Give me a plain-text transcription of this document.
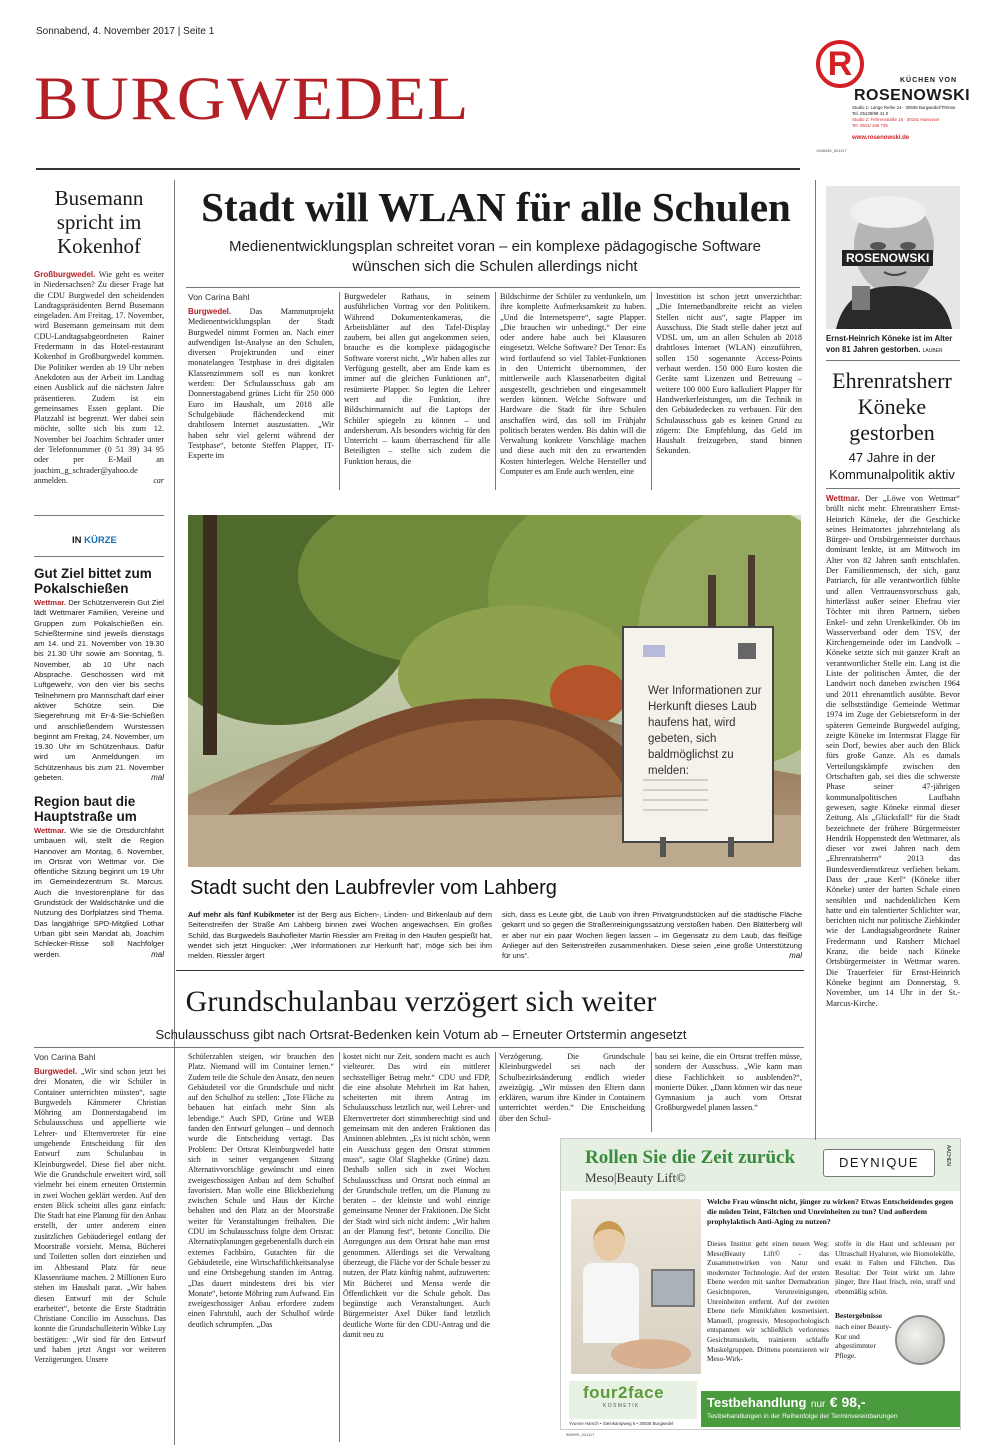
Sonnabend, 4. November 2017 | Seite 1
BURGWEDEL
R	KÜCHEN VON
ROSENOWSKI
Studio 1: Lange Reihe 24 · 30938 Burgwedel/Thönse
Tel. 05139/98 41 0
Studio 2: Fehrenstraße 16 · 30161 Hannover
Tel. 0511/ 165 735
www.rosenowski.de
1948435_001117
Busemann spricht im Kokenhof
Großburgwedel. Wie geht es weiter in Niedersachsen? Zu dieser Frage hat die CDU Burgwedel den scheidenden Landtagspräsidenten Bernd Busemann eingeladen. Am Freitag, 17. November, wird Busemann gemeinsam mit dem CDU-Landtagsabgeordneten Rainer Fredermann in das Hotel-restaurant Kokenhof in Großburgwedel kommen. Die Politiker werden ab 19 Uhr neben Anekdoten aus der Arbeit im Landtag einen Ausblick auf die nächsten Jahre präsentieren. Zudem ist ein gemeinsames Essen geplant. Die Platzzahl ist begrenzt. Wer dabei sein möchte, sollte sich bis zum 12. November bei Joachim Schrader unter der Telefonnummer (0 51 39) 34 95 oder per E-Mail an joachim_g_schrader@yahoo.de anmelden.	car
IN KÜRZE
Gut Ziel bittet zum Pokalschießen
Wettmar. Der Schützenverein Gut Ziel lädt Wettmarer Familien, Vereine und Gruppen zum Pokalschießen ein. Schießtermine sind jeweils dienstags am 14. und 21. November von 19.30 bis 21.30 Uhr sowie am Sonntag, 5. November, ab 10 Uhr nach Absprache. Geschossen wird mit Luftgewehr, von den vier bis sechs Teilnehmern pro Mannschaft darf einer aktiver Schütze sein. Die Siegerehrung mit Er-&-Sie-Schießen und anschließendem Wurstessen beginnt am Freitag, 24. November, um 19.30 Uhr im Schützenhaus. Dafür wird um Anmeldungen im Schützenhaus bis zum 21. November gebeten.	mal
Region baut die Hauptstraße um
Wettmar. Wie sie die Ortsdurchfahrt umbauen will, stellt die Region Hannover am Montag, 6. November, im Ortsrat von Wettmar vor. Die öffentliche Sitzung beginnt um 19 Uhr im Gemeindezentrum St. Marcus. Auch die Investorenpläne für das Grundstück der Waldschänke und die Nutzung des Dorfplatzes sind Thema. Das langjährige SPD-Mitglied Lothar Urban gibt sein Mandat ab, Joachim Schlecker-Risse soll Nachfolger werden.	mal
Stadt will WLAN für alle Schulen
Medienentwicklungsplan schreitet voran – ein komplexe pädagogische Software wünschen sich die Schulen allerdings nicht
Von Carina Bahl
Burgwedel. Das Mammutprojekt Medienentwicklungsplan der Stadt Burgwedel nimmt Formen an. Nach einer aufwendigen Ist-Analyse an den Schulen, diversen Projektrunden und einer monatelangen Testphase in drei digitalen Klassenzimmern soll es nun konkret werden: Der Schulausschuss gab am Donnerstagabend grünes Licht für 250 000 Euro im Haushalt, um 2018 alle Schulgebäude flächendeckend mit drahtlosem Internet auszustatten. „Wir haben sehr viel gelernt während der Testphase“, betonte Steffen Plapper, IT-Experte im
Burgwedeler Rathaus, in seinem ausführlichen Vortrag vor den Politikern. Während Dokumentenkameras, die Arbeitsblätter auf den Tafel-Display zaubern, bei allen gut angekommen seien, brauche es die komplexe pädagogische Software vorerst nicht. „Wir haben alles zur Verfügung gestellt, aber am Ende kam es immer auf die gleichen Funktionen an“, resümierte Plapper. So legten die Lehrer wert auf die Funktion, ihre Bildschirmansicht auf die Laptops der Schüler spiegeln zu können – und andersherum. Als besonders wichtig für den Unterricht – kaum überraschend für alle Beteiligten – stellte sich zudem die Funktion heraus, die
Bildschirme der Schüler zu verdunkeln, um ihre komplette Aufmerksamkeit zu haben. „Und die Internetsperre“, sagte Plapper. „Die brauchen wir unbedingt.“ Der eine oder andere habe auch bei Klausuren eingesetzt. Welche Software? Der Tenor: Es wird fortlaufend so viel Tablet-Funktionen in den Unterricht übernommen, der mittlerweile auch Klassenarbeiten digital ausgestellt, geschrieben und eingesammelt werden können. Welche Software und Hardware die Stadt für ihre Schulen anschaffen wird, das soll im Frühjahr politisch beraten werden. Bis dahin will die Verwaltung konkrete Vorschläge machen und diese auch mit den zu erwartenden Kosten hinterlegen. Welche Hersteller und Computer es am Ende auch werden, eine
Investition ist schon jetzt unverzichtbar: „Die Internetbandbreite reicht an vielen Stellen nicht aus“, sagte Plapper im Ausschuss. Die Stadt stelle daher jetzt auf VDSL um, um an allen Schulen ab 2018 drahtloses Internet (WLAN) einzuführen, sollen 150 sogenannte Access-Points verbaut werden. 150 000 Euro kosten die Geräte samt Lizenzen und Betreuung – weitere 100 000 Euro kalkuliert Plapper für Handwerkerleistungen, um die Technik in den Gebäudedecken zu verbauen. Für den Schulausschuss gab es keinen Grund zu zögern: Die Empfehlung, das Geld im Haushalt freizugeben, stand binnen Sekunden.
Wer Informationen zur Herkunft dieses Laub haufens hat, wird gebeten, sich baldmöglichst zu melden:
Stadt sucht den Laubfrevler vom Lahberg
Auf mehr als fünf Kubikmeter ist der Berg aus Eichen-, Linden- und Birkenlaub auf dem Seitenstreifen der Straße Am Lahberg binnen zwei Wochen angewachsen. Ein großes Schild, das Burgwedels Bauhofleiter Martin Riessler am Freitag in den Haufen gespießt hat, wendet sich jetzt Hingucker: „Wer Informationen zur Herkunft hat“, möge sich bei ihm melden. Riessler ärgert
sich, dass es Leute gibt, die Laub von ihren Privatgrundstücken auf die städtische Fläche gekarrt und so gegen die Straßenreinigungssatzung verstoßen haben. Den Blätterberg will er aber nur ein paar Wochen liegen lassen – im Gegensatz zu dem Laub, das fleißige Anlieger auf den Seitenstreifen zusammenhaken. Diese seien „eine große Unterstützung für uns“.	mal
Grundschulanbau verzögert sich weiter
Schulausschuss gibt nach Ortsrat-Bedenken kein Votum ab – Erneuter Ortstermin angesetzt
Von Carina Bahl
Burgwedel. „Wir sind schon jetzt bei drei Monaten, die wir Schüler in Container unterrichten müssten“, sagte Burgwedels Kämmerer Christian Möhring am Donnerstagabend im Schulausschuss und appellierte wie Lehrer- und Elternvertreter für eine umgehende Entscheidung für den Entwurf zum Schulanbau in Kleinburgwedel. Diese fiel aber nicht. Wie die Grundschule erweitert wird, soll vielmehr bei einem erneuten Ortstermin in zwei Wochen geklärt werden. Auf den ersten Blick scheint alles ganz einfach: Die Stadt hat eine Planung für den Anbau erstellt, der unter anderem einen zusätzlichen Gebäuderiegel entlang der Moorstraße vorsieht. Mensa, Bücherei und Toiletten sollen dort einziehen und im Altbestand Platz für neue Klassenräume machen. 2 Millionen Euro stehen im Haushalt parat. „Wir haben diesen Entwurf mit der Schule erarbeitet“, betonte die Erste Stadträtin Christiane Concilio im Ausschuss. Das konnte die Grundschulleiterin Wibke Luy bestätigen: „Wir sind für den Entwurf und haben jetzt Angst vor weiteren Verzögerungen. Unsere
Schülerzahlen steigen, wir brauchen den Platz. Niemand will im Container lernen.“ Zudem teile die Schule den Ansatz, den neuen Gebäudeteil vor die Grundschule und nicht auf den Schulhof zu stellen: „Tote Fläche zu bebauen hat einfach mehr Sinn als lebendige.“ Auch SPD, Grüne und WEB fanden den Entwurf gelungen – und dennoch wurde die Entscheidung vertagt. Das Problem: Der Ortsrat Kleinburgwedel hatte sich in seiner vergangenen Sitzung Alternativvorschläge gewünscht und einen zweigeschossigen Anbau auf dem Schulhof favorisiert. Man wolle eine Blickbeziehung zwischen Schule und Haus der Kirche behalten und den Platz an der Moorstraße weiter für Veranstaltungen freihalten. Die CDU im Schulausschuss folgte dem Ortsrat: Alternativplanungen gegebenenfalls durch ein externes Fachbüro, Gutachten für die Gebäudeteile, eine Wirtschaftlichkeitsanalyse und eine Ortsbegehung standen im Antrag. „Das dauert mindestens drei bis vier Monate“, betonte Möhring zum Aufwand. Ein zweigeschossiger Anbau erfordere zudem einen Fahrstuhl, auch der Schulhof würde deutlich schrumpfen. „Das
kostet nicht nur Zeit, sondern macht es auch vielteurer. Das wird ein mittlerer sechsstelliger Betrag mehr.“ CDU und FDP, die eine absolute Mehrheit im Rat haben, scheiterten mit ihrem Antrag im Schulausschuss letztlich nur, weil Lehrer- und Elternvertreter dort stimmberechtigt sind und gemeinsam mit den anderen Fraktionen das Ansinnen ablehnten. „Es ist nicht schön, wenn ein Ausschuss gegen den Ortsrat stimmen muss“, sagte Olaf Slaghekke (Grüne) dazu. Deshalb sollen sich in zwei Wochen Schulausschuss und Ortsrat noch einmal an der Grundschule treffen, um die Planung zu beraten – der kleinste und wohl einzige gemeinsame Nenner der Fraktionen. Die Sicht der Stadt wird sich nicht ändern: „Wir halten an der Planung fest“, betonte Concilio. Die Anregungen aus dem Ortsrat habe man ernst genommen. Allerdings sei die Verwaltung überzeugt, die Fläche vor der Schule besser zu nutzen, der Platz künftig nahmt, aufzuwerten: Mit Bücherei und Mensa werde die Öffentlichkeit vor die Schule geholt. Das begünstige auch Veranstaltungen. Auch Bürgermeister Axel Düker fand letztlich deutliche Worte für den CDU-Antrag und die damit neu zu
Verzögerung. Die Grundschule Kleinburgwedel sei nach der Schulbezirksänderung endlich wieder zweizügig. „Wir müssen den Eltern dann erklären, warum ihre Kinder in Containern unterrichtet werden.“ Die Entscheidung über den Schul-
bau sei keine, die ein Ortsrat treffen müsse, sondern der Ausschuss. „Wie kann man diese Fachlichkeit so ausblenden?“, monierte Düker. „Dann können wir das neue Gymnasium ja auch vom Ortsrat Großburgwedel planen lassen.“
Rollen Sie die Zeit zurück
Meso|Beauty Lift©
DEYNIQUE	AACHEN
Welche Frau wünscht nicht, jünger zu wirken? Etwas Entscheidendes gegen die müden Teint, Fältchen und Unreinheiten zu tun? Und außerdem prophylaktisch Anti-Aging zu nutzen?
Dieses Institut geht einen neuen Weg: Meso|Beauty Lift© - das Zusammenwirken von Natur und modernster Technologie. Auf der ersten Ebene werden mit sanfter Dermabration Gesichtsporen, Verunreinigungen, Unreinheiten entfernt. Auf der zweiten Ebene tiefe Mimikfalten kosmetisiert. Manuell, progressiv, Mesopochologisch entspannen wir schließlich verlorenes Gesichtsmuskeln, trainieren schlaffe Muskelgruppen. Drittens potenzieren wir Meso-Wirk-
stoffe in die Haut und schleusen per Ultraschall Hyaluron, wie Biomolekülle, exakt in Falten und Fältchen. Das Resultat: Der Teint wirkt um Jahre jünger, Ihre Haut frisch, rein, straff und ebenmäßig schön.
Bestergebnisse
nach einer Beauty-Kur und abgestimmter Pflege.
four2face
K O S M E T I K
Yvonne Harsch • Steinkampweg 6 • 30938 Burgwedel
Testbehandlung nur € 98,-
Testbehandlungen in der Reihenfolge der Terminvereinbarungen
968999_001117
ROSENOWSKI
Ernst-Heinrich Köneke ist im Alter von 81 Jahren gestorben. LAUBER
Ehrenratsherr Köneke gestorben
47 Jahre in der Kommunalpolitik aktiv
Wettmar. Der „Löwe von Wettmar“ brüllt nicht mehr. Ehrenratsherr Ernst-Heinrich Köneke, der die Geschicke seines Heimatortes jahrzehntelang als Bürger- und Ortsbürgermeister durchaus dominant lenkte, ist am Mittwoch im Alter von 82 Jahren sanft entschlafen. Der Familienmensch, der sich, ganz Patriarch, für alle verantwortlich fühlte und allen Vertrauensvorschuss gab, hinterlässt außer seiner Ehefrau vier Töchter mit ihren Partnern, sieben Enkel- und zehn Urenkelkinder. Ob im Wasserverband oder dem TSV, der Kirchengemeinde oder im Landvolk – Köneke setzte sich mit ganzer Kraft an verantwortlicher Stelle ein. Lang ist die Liste der politischen Ämter, die der Landwirt noch daneben zwischen 1964 und 2011 ehrenamtlich ausübte. Bevor die selbstständige Gemeinde Wettmar 1974 im Zuge der Gebietsreform in der späteren Gemeinde Burgwedel aufging, zeigte Köneke im Intermsrat Flagge für sein Dorf, bewies aber auch den Blick fürs große Ganze. Als es damals Verteilungskämpfe zwischen den Ortschaften gab, sei dies die schwerste Phase seiner 47-jährigen kommunalpolitischen Laufbahn gewesen, sagte Köneke einmal dieser Zeitung. Als „Glücksfall“ für die Stadt bezeichnete der frühere Bürgermeister Hendrik Hoppenstedt den Wettmarer, als dieser vor zwei Jahren nach dem „Ehrenratsherrn“ 2013 das Bundesverdienstkreuz verliehen bekam. Dass der „raue Kerl“ (Köneke über Köneke) unter der harten Schale einen sensiblen und nachdenklichen Kern hatte und ein talentierter Schlichter war, berichten nicht nur politische Ziehkinder wie der Landtagsabgeordnete Rainer Fredermann und Ratsherr Michael Kranz, die beide nach Köneke Ortsbürgermeister in Wettmar waren. Die Trauerfeier für Ernst-Heinrich Köneke beginnt am Donnerstag, 9. November, um 14 Uhr in der St.-Marcus-Kirche.
